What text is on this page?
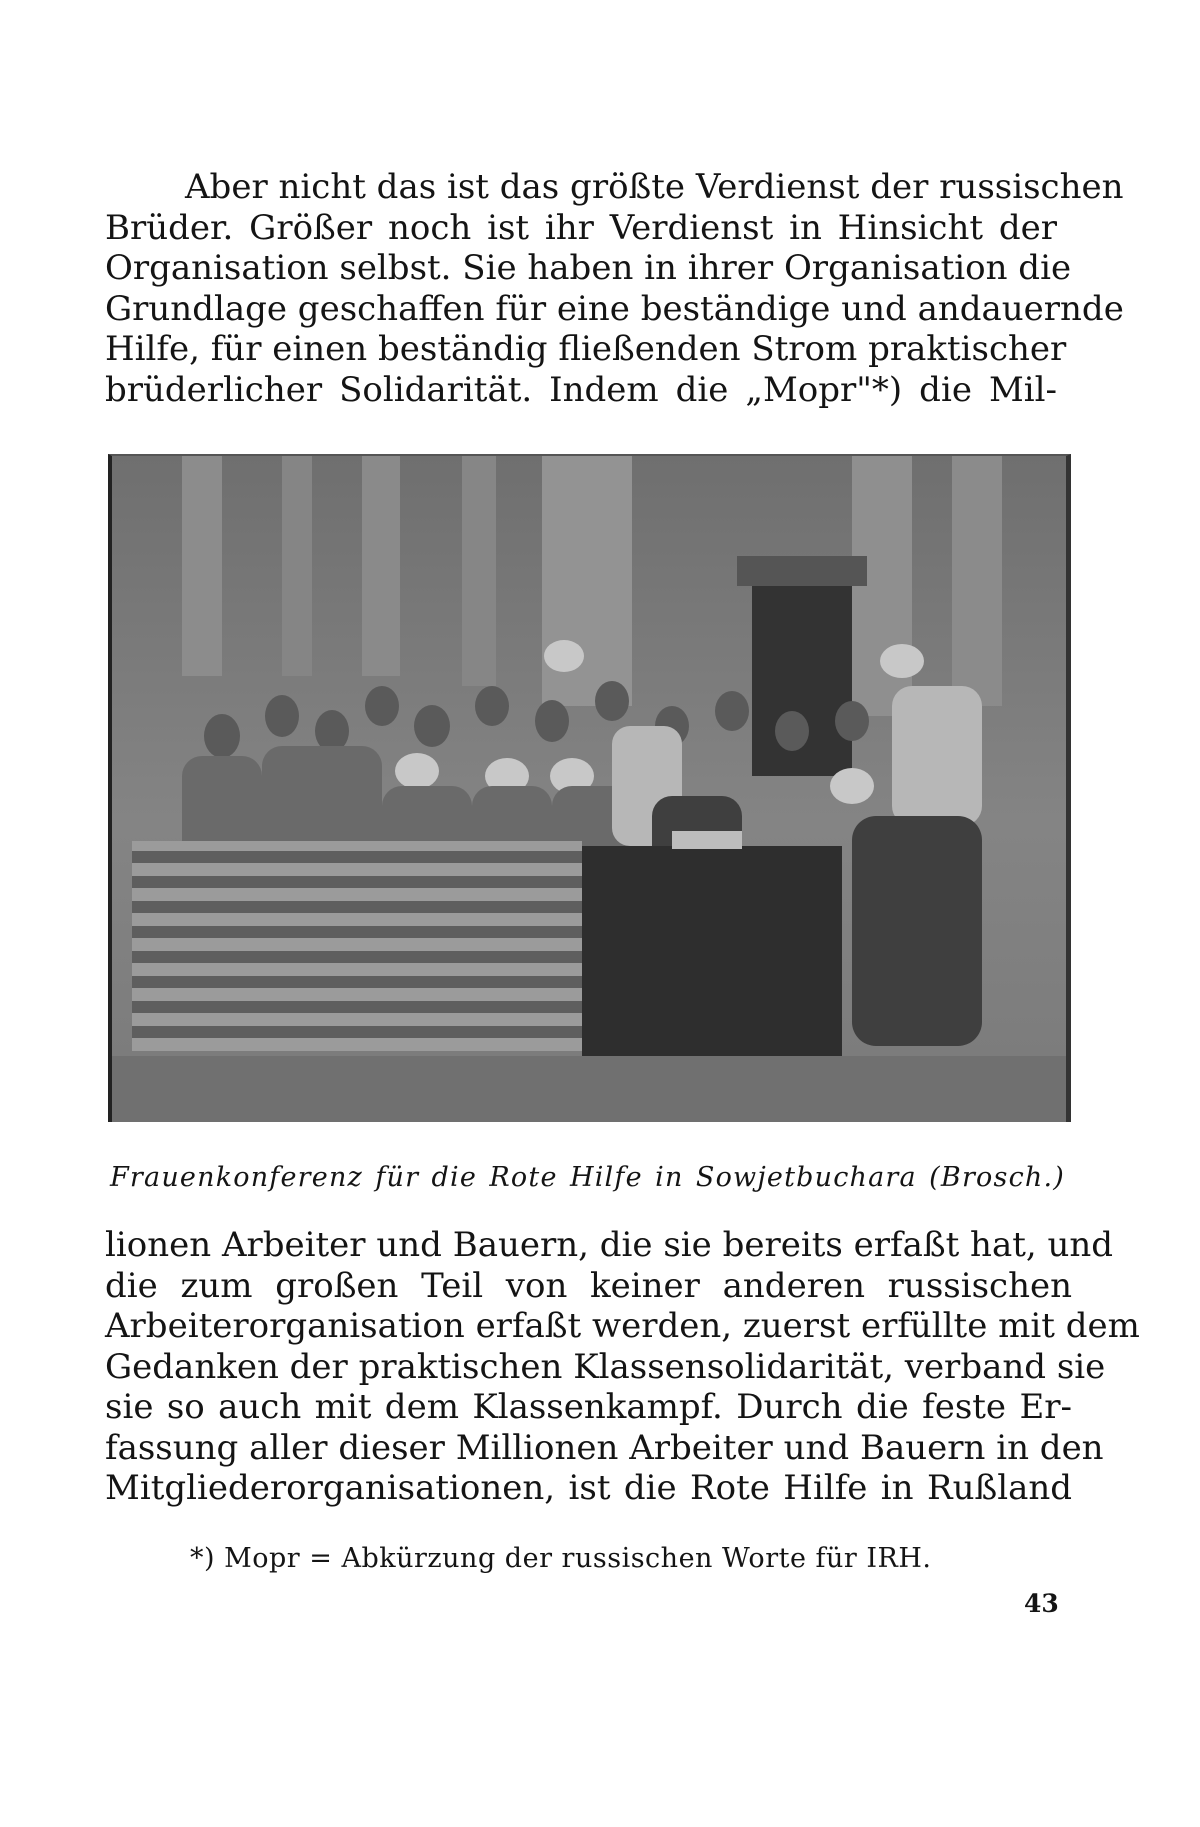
Aber nicht das ist das größte Verdienst der russischen
Brüder. Größer noch ist ihr Verdienst in Hinsicht der
Organisation selbst. Sie haben in ihrer Organisation die
Grundlage geschaffen für eine beständige und andauernde
Hilfe, für einen beständig fließenden Strom praktischer
brüderlicher Solidarität. Indem die „Mopr"*) die Mil-
Frauenkonferenz für die Rote Hilfe in Sowjetbuchara (Brosch.)
lionen Arbeiter und Bauern, die sie bereits erfaßt hat, und
die zum großen Teil von keiner anderen russischen
Arbeiterorganisation erfaßt werden, zuerst erfüllte mit dem
Gedanken der praktischen Klassensolidarität, verband sie
sie so auch mit dem Klassenkampf. Durch die feste Er-
fassung aller dieser Millionen Arbeiter und Bauern in den
Mitgliederorganisationen, ist die Rote Hilfe in Rußland
*) Mopr = Abkürzung der russischen Worte für IRH.
43
